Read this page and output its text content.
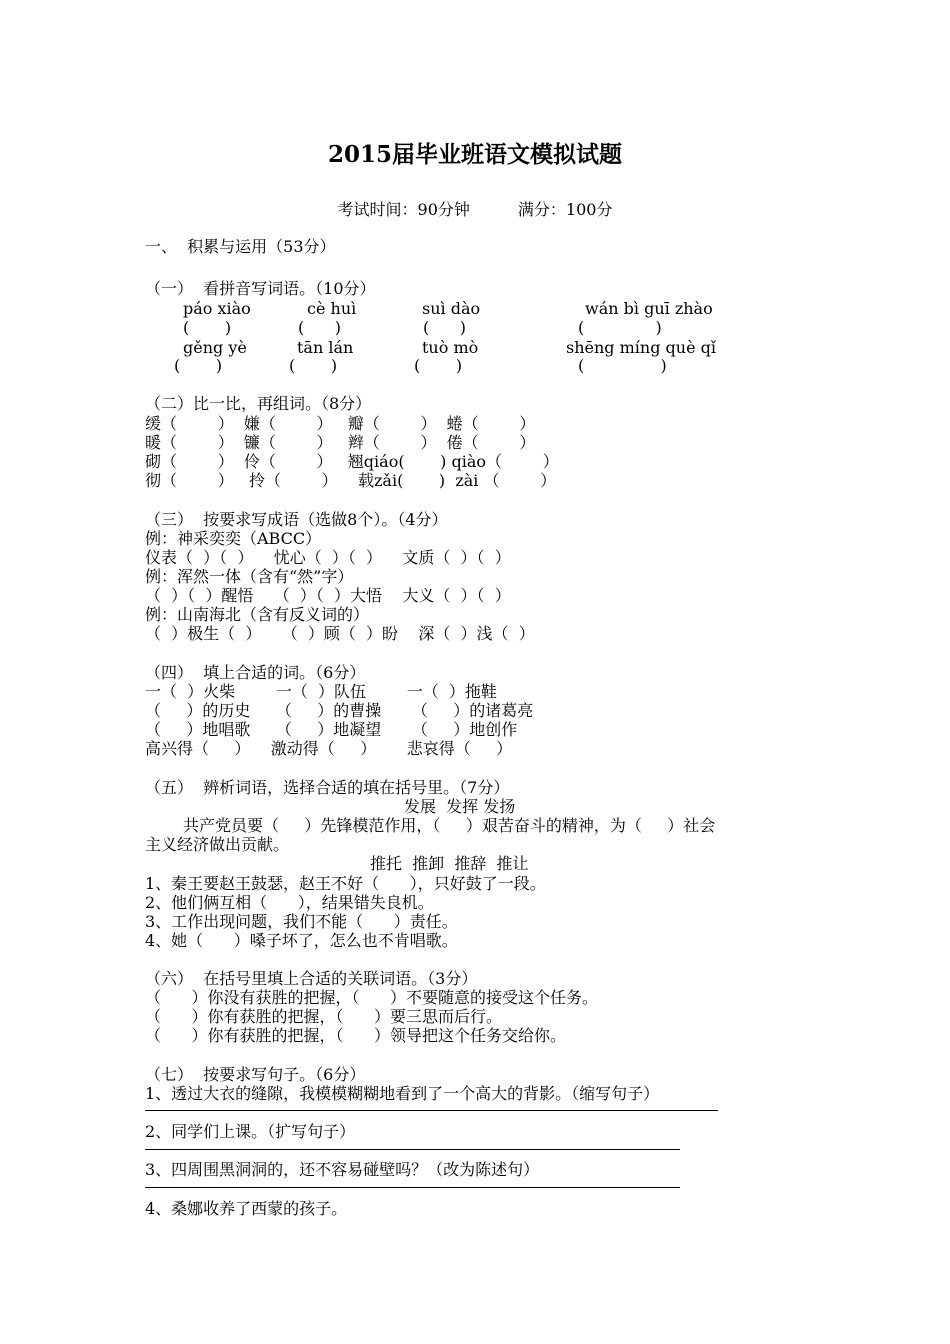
2015届毕业班语文模拟试题
考试时间：90分钟	满分：100分
一、  积累与运用（53分）
（一）  看拼音写词语。（10分）
páo xiào	cè huì	suì dào	wán bì guī zhào
(       )	(      )	(      )	(              )
gěng yè	tān lán	tuò mò	shēng míng què qǐ
(       )	(       )	(       )	(               )
（二）比一比，再组词。（8分）
缓（        ）  嫌（        ）   瓣（        ）  蜷（        ）
暖（        ）  镰（        ）   辫（        ）  倦（        ）
砌（        ）  伶（        ）   翘qiáo(       ) qiào（        ）
彻（        ）   拎（        ）    载zǎi(       )  zài （        ）
（三）  按要求写成语（选做8个）。（4分）
例：神采奕奕（ABCC）
仪表（  ）（  ）    忧心（  ）（  ）    文质（  ）（  ）
例：浑然一体（含有“然”字）
（  ）（  ）醒悟    （  ）（  ）大悟    大义（  ）（  ）
例：山南海北（含有反义词的）
（  ）极生（  ）    （  ）顾（  ）盼    深（  ）浅（  ）
（四）  填上合适的词。（6分）
一（  ）火柴        一（  ）队伍        一（  ）拖鞋
（     ）的历史     （     ）的曹操      （     ）的诸葛亮
（     ）地唱歌     （     ）地凝望      （     ）地创作
高兴得（     ）    激动得（     ）      悲哀得（     ）
（五）  辨析词语，选择合适的填在括号里。（7分）
发展  发挥 发扬
共产党员要（     ）先锋模范作用，（     ）艰苦奋斗的精神，为（     ）社会
主义经济做出贡献。
推托  推卸  推辞  推让
1、秦王要赵王鼓瑟，赵王不好（      ），只好鼓了一段。
2、他们俩互相（      ），结果错失良机。
3、工作出现问题，我们不能（      ）责任。
4、她（      ）嗓子坏了，怎么也不肯唱歌。
（六）  在括号里填上合适的关联词语。（3分）
（      ）你没有获胜的把握，（      ）不要随意的接受这个任务。
（      ）你有获胜的把握，（      ）要三思而后行。
（      ）你有获胜的把握，（      ）领导把这个任务交给你。
（七）  按要求写句子。（6分）
1、透过大衣的缝隙，我模模糊糊地看到了一个高大的背影。（缩写句子）
2、同学们上课。（扩写句子）
3、四周围黑洞洞的，还不容易碰壁吗？（改为陈述句）
4、桑娜收养了西蒙的孩子。
